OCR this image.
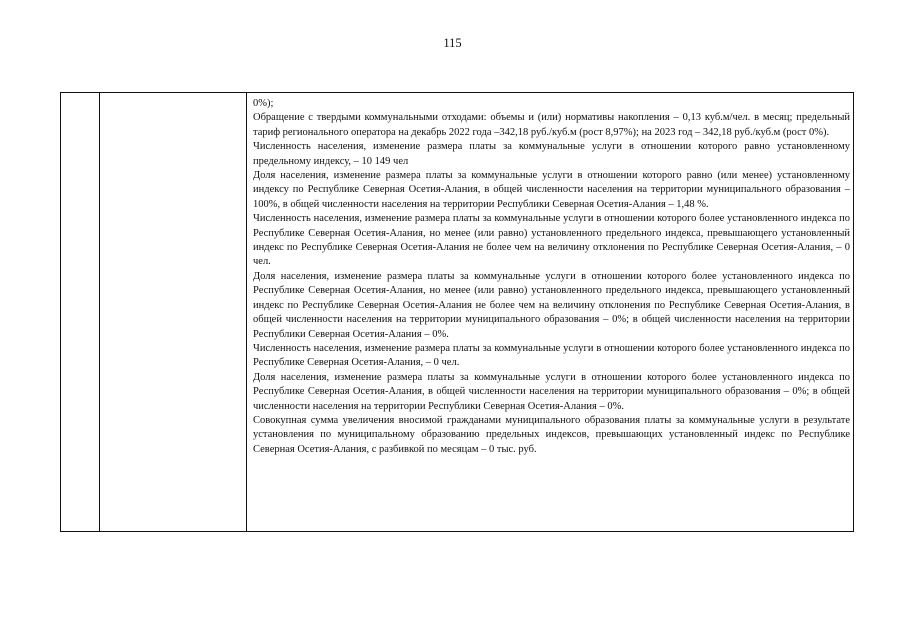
115

0%);

Обращение с твердыми коммунальными отходами: объемы и (или) нормативы накопления – 0,13 куб.м/чел. в месяц; предельный тариф регионального оператора на декабрь 2022 года –342,18 руб./куб.м (рост 8,97%); на 2023 год – 342,18 руб./куб.м (рост 0%).

Численность населения, изменение размера платы за коммунальные услуги в отношении которого равно установленному предельному индексу, – 10 149 чел

Доля населения, изменение размера платы за коммунальные услуги в отношении которого равно (или менее) установленному индексу по Республике Северная Осетия-Алания, в общей численности населения на территории муниципального образования – 100%, в общей численности населения на территории Республики Северная Осетия-Алания – 1,48 %.

Численность населения, изменение размера платы за коммунальные услуги в отношении которого более установленного индекса по Республике Северная Осетия-Алания, но менее (или равно) установленного предельного индекса, превышающего установленный индекс по Республике Северная Осетия-Алания не более чем на величину отклонения по Республике Северная Осетия-Алания, – 0 чел.

Доля населения, изменение размера платы за коммунальные услуги в отношении которого более установленного индекса по Республике Северная Осетия-Алания, но менее (или равно) установленного предельного индекса, превышающего установленный индекс по Республике Северная Осетия-Алания не более чем на величину отклонения по Республике Северная Осетия-Алания, в общей численности населения на территории муниципального образования – 0%; в общей численности населения на территории Республики Северная Осетия-Алания – 0%.

Численность населения, изменение размера платы за коммунальные услуги в отношении которого более установленного индекса по Республике Северная Осетия-Алания, – 0 чел.

Доля населения, изменение размера платы за коммунальные услуги в отношении которого более установленного индекса по Республике Северная Осетия-Алания, в общей численности населения на территории муниципального образования – 0%; в общей численности населения на территории Республики Северная Осетия-Алания – 0%.

Совокупная сумма увеличения вносимой гражданами муниципального образования платы за коммунальные услуги в результате установления по муниципальному образованию предельных индексов, превышающих установленный индекс по Республике Северная Осетия-Алания, с разбивкой по месяцам – 0 тыс. руб.
